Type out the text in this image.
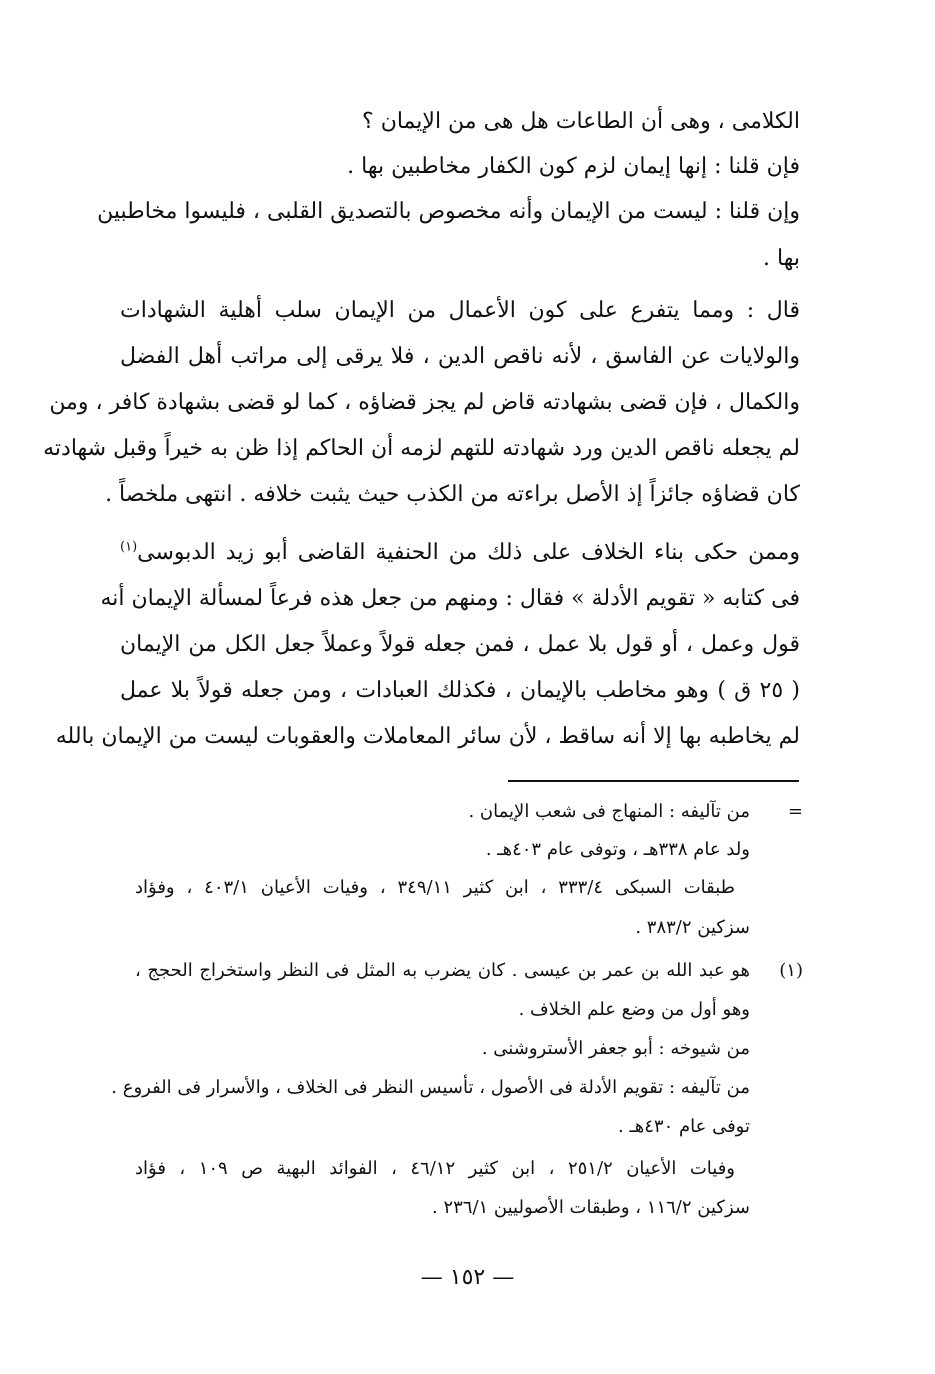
الكلامى ، وهى أن الطاعات هل هى من الإيمان ؟
فإن قلنا : إنها إيمان لزم كون الكفار مخاطبين بها .
وإن قلنا : ليست من الإيمان وأنه مخصوص بالتصديق القلبى ، فليسوا مخاطبين
بها .
قال : ومما يتفرع على كون الأعمال من الإيمان سلب أهلية الشهادات
والولايات عن الفاسق ، لأنه ناقص الدين ، فلا يرقى إلى مراتب أهل الفضل
والكمال ، فإن قضى بشهادته قاض لم يجز قضاؤه ، كما لو قضى بشهادة كافر ، ومن
لم يجعله ناقص الدين ورد شهادته للتهم لزمه أن الحاكم إذا ظن به خيراً وقبل شهادته
كان قضاؤه جائزاً إذ الأصل براءته من الكذب حيث يثبت خلافه . انتهى ملخصاً .
وممن حكى بناء الخلاف على ذلك من الحنفية القاضى أبو زيد الدبوسى$^{(١)}$
فى كتابه « تقويم الأدلة » فقال : ومنهم من جعل هذه فرعاً لمسألة الإيمان أنه
قول وعمل ، أو قول بلا عمل ، فمن جعله قولاً وعملاً جعل الكل من الإيمان
( ٢٥ ق ) وهو مخاطب بالإيمان ، فكذلك العبادات ، ومن جعله قولاً بلا عمل
لم يخاطبه بها إلا أنه ساقط ، لأن سائر المعاملات والعقوبات ليست من الإيمان بالله
=
من تآليفه : المنهاج فى شعب الإيمان .
ولد عام ٣٣٨هـ ، وتوفى عام ٤٠٣هـ .
طبقات السبكى ٣٣٣/٤ ، ابن كثير ٣٤٩/١١ ، وفيات الأعيان ٤٠٣/١ ، وفؤاد
سزكين ٣٨٣/٢ .
(١)
هو عبد الله بن عمر بن عيسى . كان يضرب به المثل فى النظر واستخراج الحجج ،
وهو أول من وضع علم الخلاف .
من شيوخه : أبو جعفر الأستروشنى .
من تآليفه : تقويم الأدلة فى الأصول ، تأسيس النظر فى الخلاف ، والأسرار فى الفروع .
توفى عام ٤٣٠هـ .
وفيات الأعيان ٢٥١/٢ ، ابن كثير ٤٦/١٢ ، الفوائد البهية ص ١٠٩ ، فؤاد
سزكين ١١٦/٢ ، وطبقات الأصوليين ٢٣٦/١ .
— ١٥٢ —
